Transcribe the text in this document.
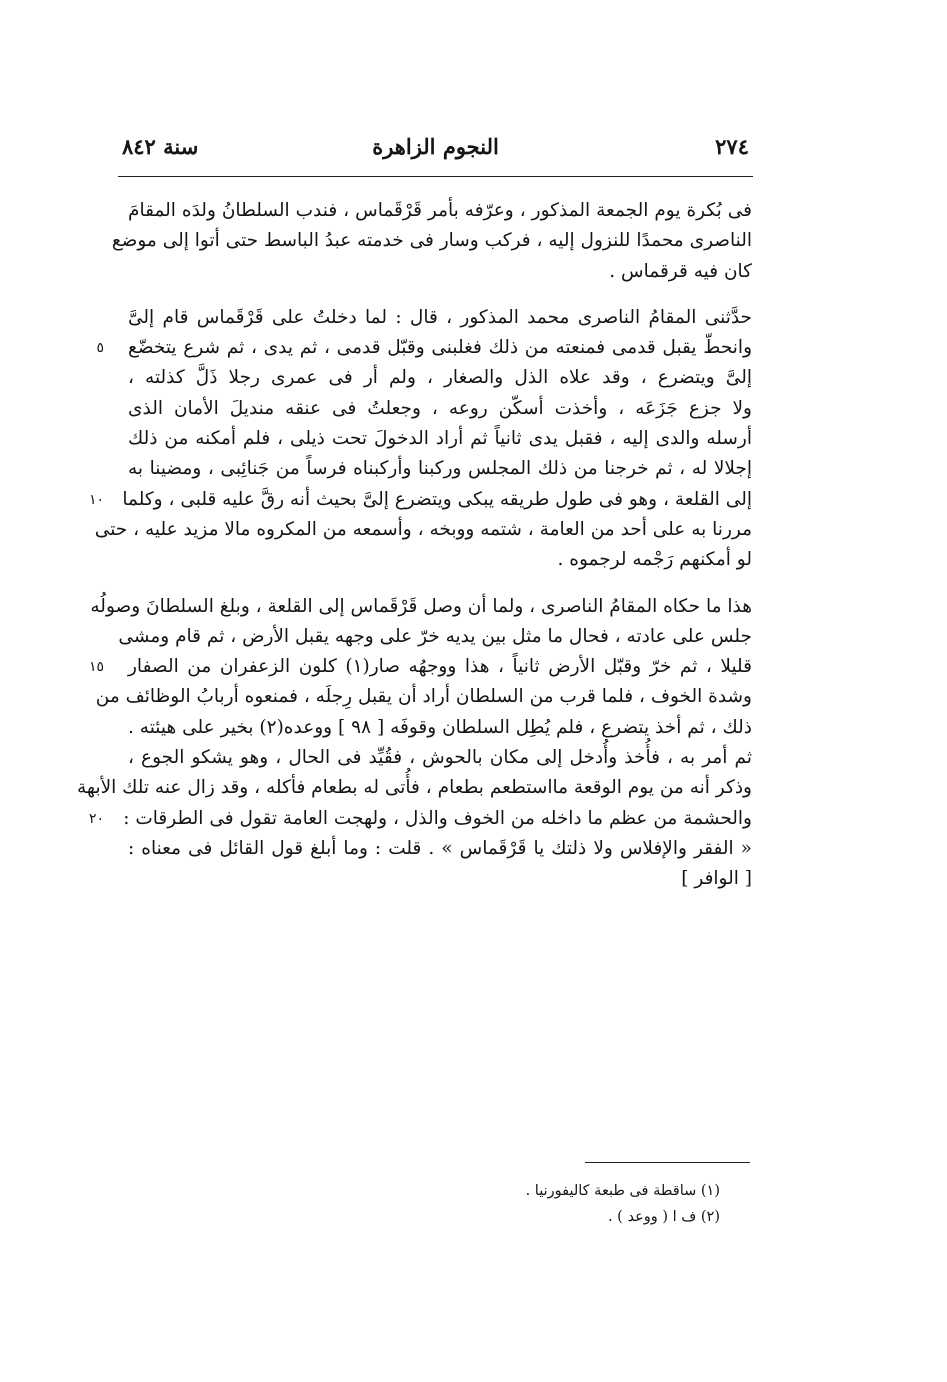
٢٧٤
النجوم الزاهرة
سنة ٨٤٢
فى بُكرة يوم الجمعة المذكور ، وعرّفه بأمر قَرْقَماس ، فندب السلطانُ ولدَه المقامَ
الناصرى محمدًا للنزول إليه ، فركب وسار فى خدمته عبدُ الباسط حتى أتوا إلى موضع
كان فيه قرقماس .
حدَّثنى المقامُ الناصرى محمد المذكور ، قال : لما دخلتُ على قَرْقَماس قام إلىَّ
وانحطّ يقبل قدمى فمنعته من ذلك فغلبنى وقبّل قدمى ، ثم يدى ، ثم شرع يتخضّع
٥
إلىَّ ويتضرع ، وقد علاه الذل والصغار ، ولم أر فى عمرى رجلا ذَلَّ كذلته ،
ولا جزع جَزَعَه ، وأخذت أسكّن روعه ، وجعلتُ فى عنقه منديلَ الأمان الذى
أرسله والدى إليه ، فقبل يدى ثانياً ثم أراد الدخولَ تحت ذيلى ، فلم أمكنه من ذلك
إجلالا له ، ثم خرجنا من ذلك المجلس وركبنا وأركبناه فرساً من جَنائِبى ، ومضينا به
إلى القلعة ، وهو فى طول طريقه يبكى ويتضرع إلىَّ بحيث أنه رقَّ عليه قلبى ، وكلما
١٠
مررنا به على أحد من العامة ، شتمه ووبخه ، وأسمعه من المكروه مالا مزيد عليه ، حتى
لو أمكنهم رَجْمه لرجموه .
هذا ما حكاه المقامُ الناصرى ، ولما أن وصل قَرْقَماس إلى القلعة ، وبلغ السلطانَ وصولُه
جلس على عادته ، فحال ما مثل بين يديه خرّ على وجهه يقبل الأرض ، ثم قام ومشى
قليلا ، ثم خرّ وقبّل الأرض ثانياً ، هذا ووجهُه صار(١) كلون الزعفران من الصفار
١٥
وشدة الخوف ، فلما قرب من السلطان أراد أن يقبل رِجلَه ، فمنعوه أربابُ الوظائف من
ذلك ، ثم أخذ يتضرع ، فلم يُطِل السلطان وقوفَه [ ٩٨ ] ووعده(٢) بخير على هيئته .
ثم أمر به ، فأُخذ وأُدخل إلى مكان بالحوش ، فقُيِّد فى الحال ، وهو يشكو الجوع ،
وذكر أنه من يوم الوقعة مااستطعم بطعام ، فأُتى له بطعام فأكله ، وقد زال عنه تلك الأبهة
والحشمة من عظم ما داخله من الخوف والذل ، ولهجت العامة تقول فى الطرقات :
٢٠
« الفقر والإفلاس ولا ذلتك يا قَرْقَماس » . قلت : وما أبلغ قول القائل فى معناه :
[ الوافر ]
(١) ساقطة فى طبعة كاليفورنيا .
(٢) ف ا ( ووعد ) .
